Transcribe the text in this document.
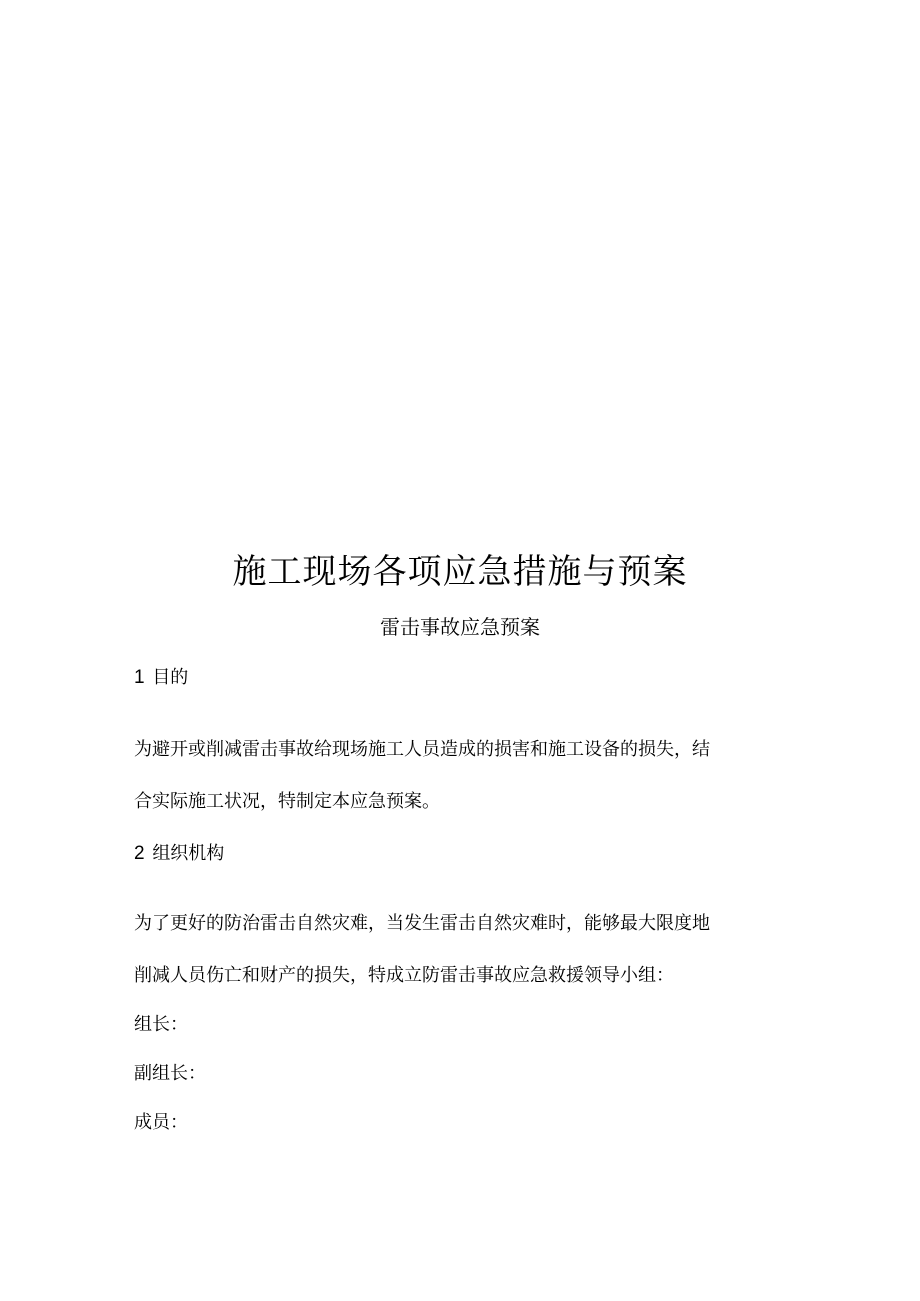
施工现场各项应急措施与预案
雷击事故应急预案
1 目的
为避开或削减雷击事故给现场施工人员造成的损害和施工设备的损失，结
合实际施工状况，特制定本应急预案。
2 组织机构
为了更好的防治雷击自然灾难，当发生雷击自然灾难时，能够最大限度地
削减人员伤亡和财产的损失，特成立防雷击事故应急救援领导小组：
组长：
副组长：
成员：
